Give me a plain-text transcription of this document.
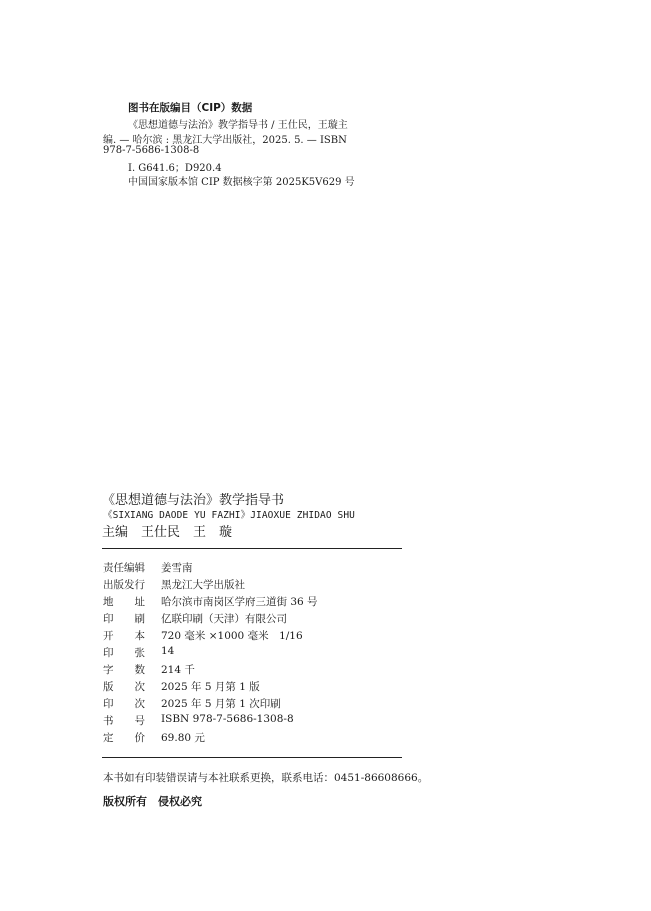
图书在版编目（CIP）数据
《思想道德与法治》教学指导书 / 王仕民，王璇主
编. — 哈尔滨 : 黑龙江大学出版社，2025. 5. — ISBN
978-7-5686-1308-8
Ⅰ. G641.6；D920.4
中国国家版本馆 CIP 数据核字第 2025K5V629 号
《思想道德与法治》教学指导书
《SIXIANG DAODE YU FAZHI》JIAOXUE ZHIDAO SHU
主编　王仕民　王　璇
责任编辑	姜雪南
出版发行	黑龙江大学出版社
地　　址	哈尔滨市南岗区学府三道街 36 号
印　　刷	亿联印刷（天津）有限公司
开　　本	720 毫米 ×1000 毫米　1/16
印　　张	14
字　　数	214 千
版　　次	2025 年 5 月第 1 版
印　　次	2025 年 5 月第 1 次印刷
书　　号	ISBN 978-7-5686-1308-8
定　　价	69.80 元
本书如有印装错误请与本社联系更换，联系电话：0451-86608666。
版权所有　侵权必究
